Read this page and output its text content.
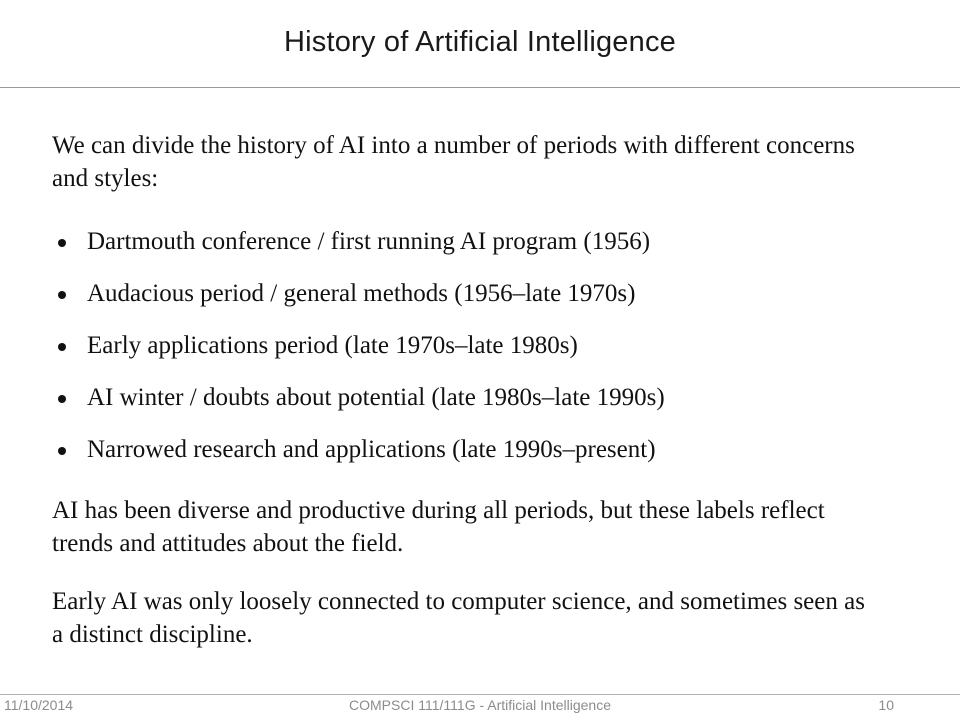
History of Artificial Intelligence
We can divide the history of AI into a number of periods with different concerns and styles:
Dartmouth conference / first running AI program (1956)
Audacious period / general methods (1956–late 1970s)
Early applications period (late 1970s–late 1980s)
AI winter / doubts about potential (late 1980s–late 1990s)
Narrowed research and applications (late 1990s–present)
AI has been diverse and productive during all periods, but these labels reflect trends and attitudes about the field.
Early AI was only loosely connected to computer science, and sometimes seen as a distinct discipline.
11/10/2014	COMPSCI 111/111G - Artificial Intelligence	10
